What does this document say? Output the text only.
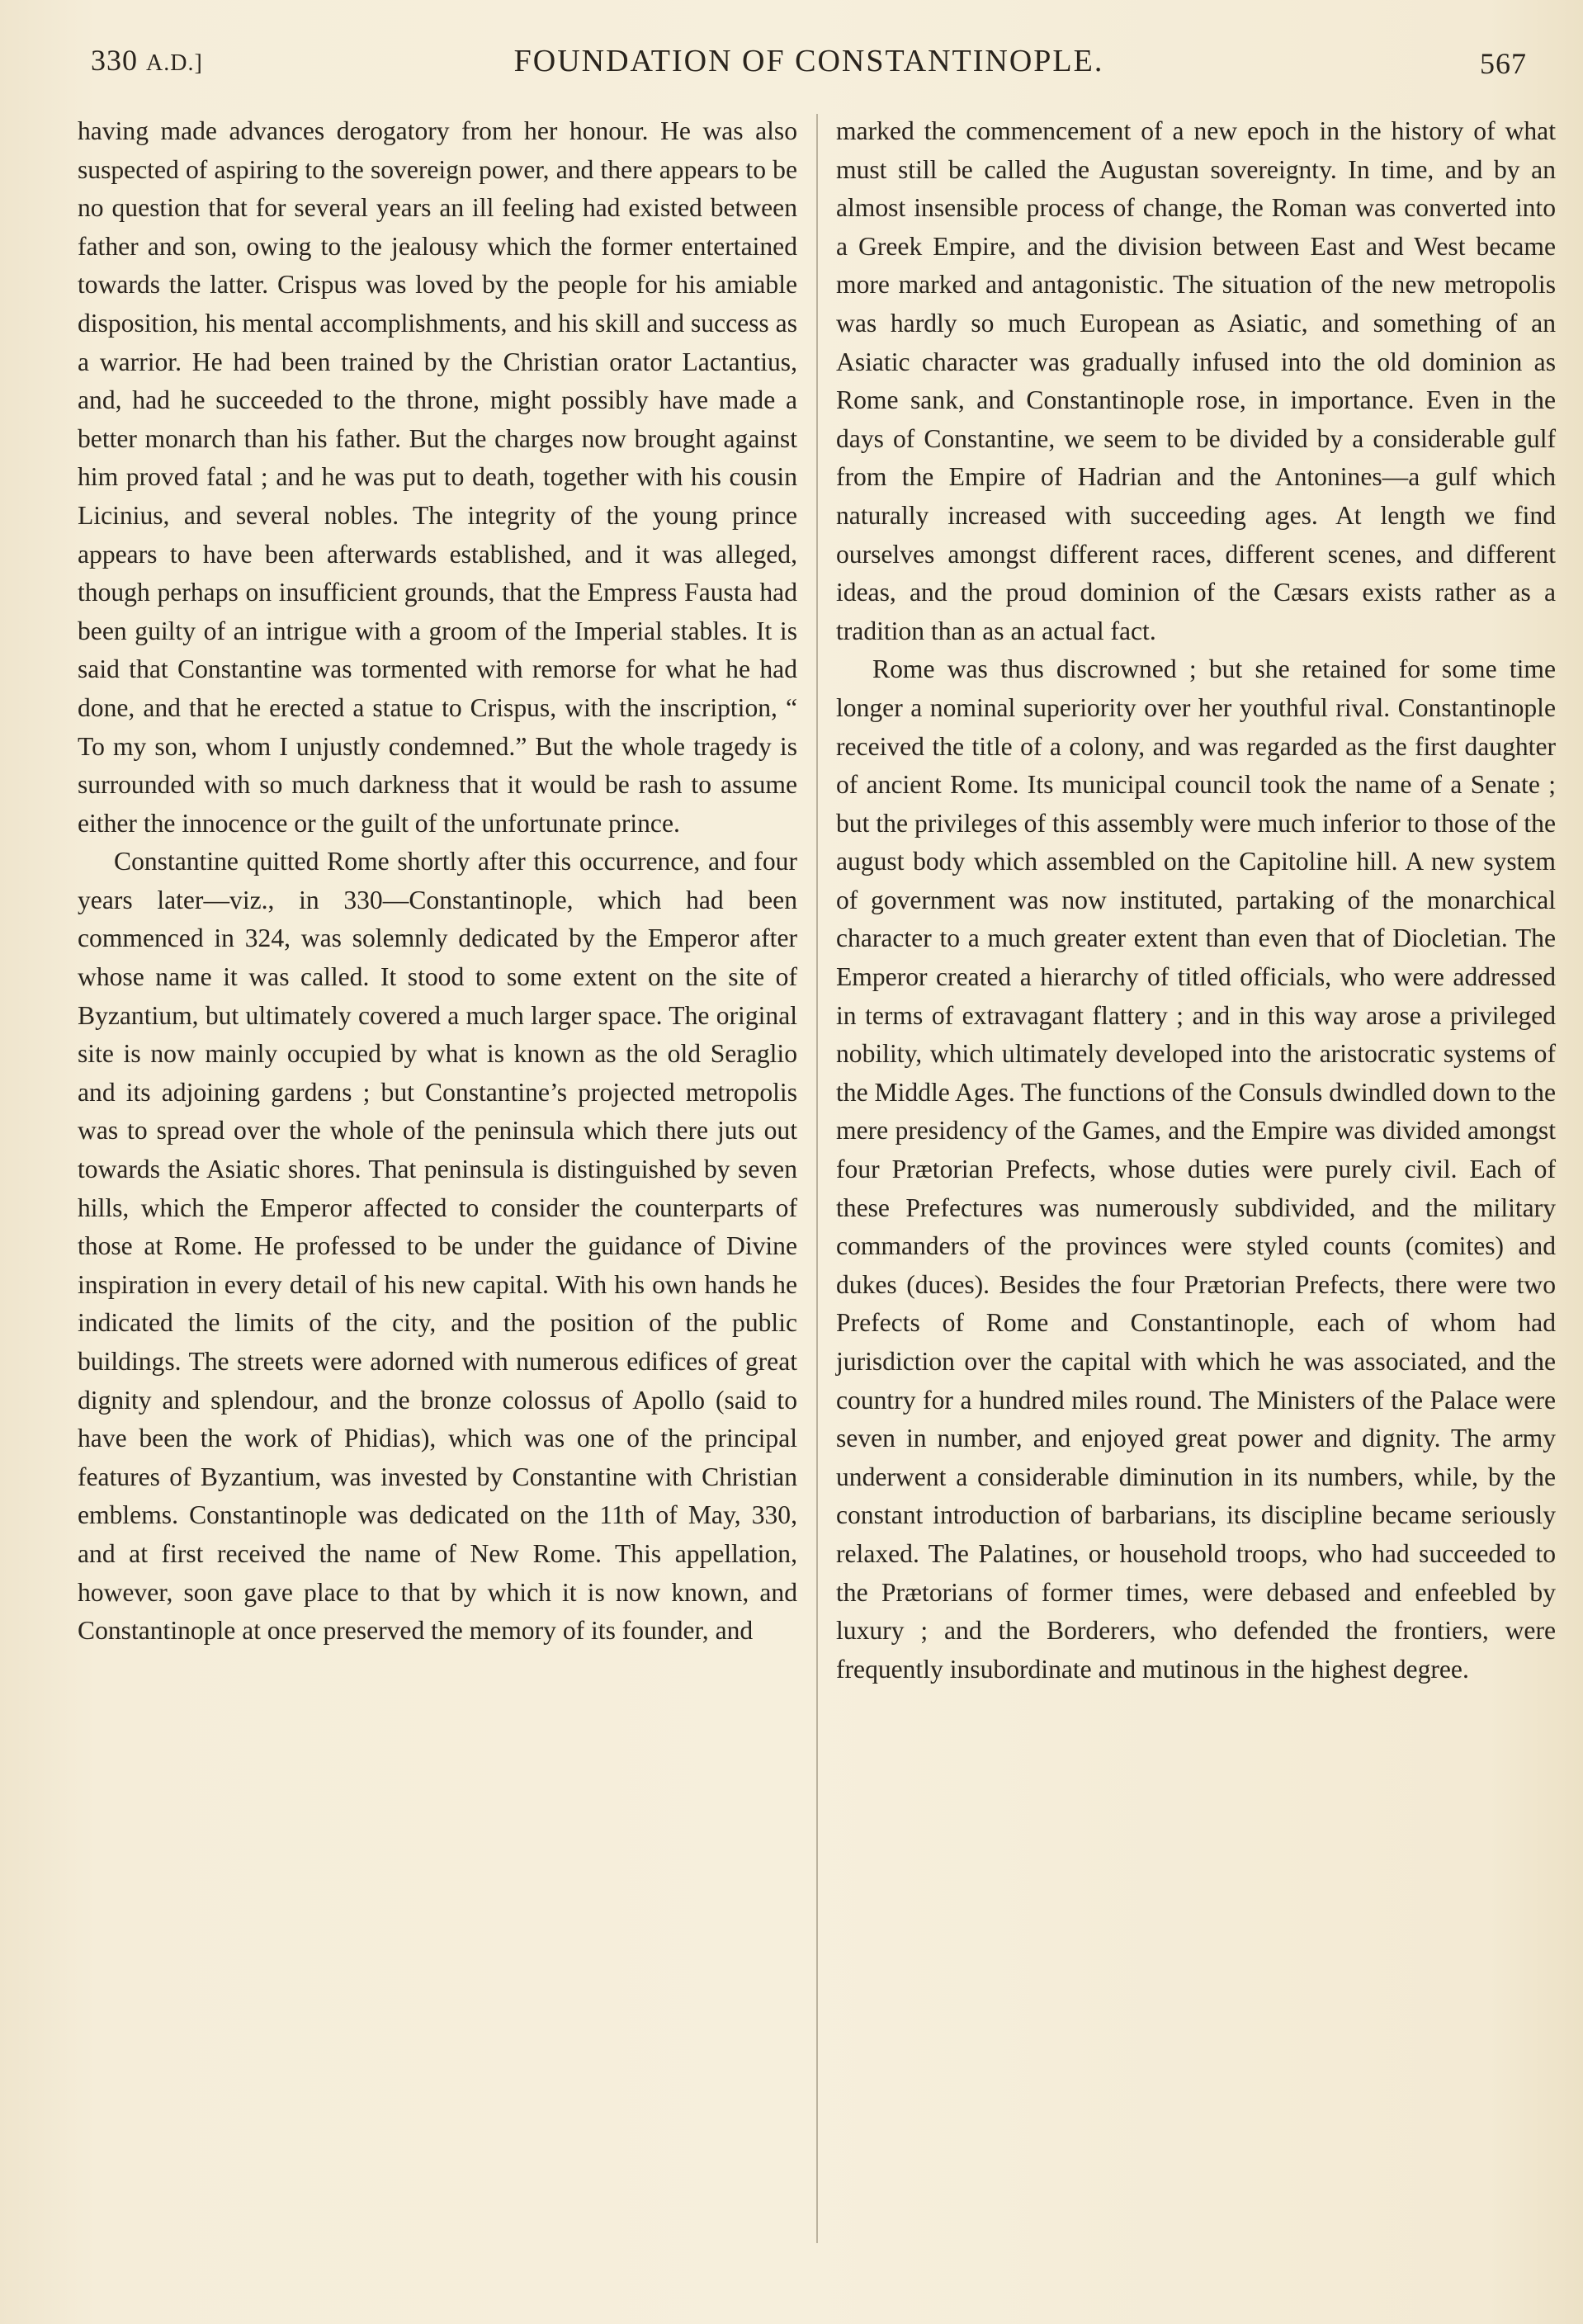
330 A.D.]	FOUNDATION OF CONSTANTINOPLE.	567

having made advances derogatory from her honour. He was also suspected of aspiring to the sovereign power, and there appears to be no question that for several years an ill feeling had existed between father and son, owing to the jealousy which the former entertained towards the latter. Crispus was loved by the people for his amiable disposition, his mental accomplishments, and his skill and success as a warrior. He had been trained by the Christian orator Lactantius, and, had he succeeded to the throne, might possibly have made a better monarch than his father. But the charges now brought against him proved fatal ; and he was put to death, together with his cousin Licinius, and several nobles. The integrity of the young prince appears to have been afterwards established, and it was alleged, though perhaps on insufficient grounds, that the Empress Fausta had been guilty of an intrigue with a groom of the Imperial stables. It is said that Constantine was tormented with remorse for what he had done, and that he erected a statue to Crispus, with the inscription, “ To my son, whom I unjustly condemned.” But the whole tragedy is surrounded with so much darkness that it would be rash to assume either the innocence or the guilt of the unfortunate prince.

Constantine quitted Rome shortly after this occurrence, and four years later—viz., in 330—Constantinople, which had been commenced in 324, was solemnly dedicated by the Emperor after whose name it was called. It stood to some extent on the site of Byzantium, but ultimately covered a much larger space. The original site is now mainly occupied by what is known as the old Seraglio and its adjoining gardens ; but Constantine’s projected metropolis was to spread over the whole of the peninsula which there juts out towards the Asiatic shores. That peninsula is distinguished by seven hills, which the Emperor affected to consider the counterparts of those at Rome. He professed to be under the guidance of Divine inspiration in every detail of his new capital. With his own hands he indicated the limits of the city, and the position of the public buildings. The streets were adorned with numerous edifices of great dignity and splendour, and the bronze colossus of Apollo (said to have been the work of Phidias), which was one of the principal features of Byzantium, was invested by Constantine with Christian emblems. Constantinople was dedicated on the 11th of May, 330, and at first received the name of New Rome. This appellation, however, soon gave place to that by which it is now known, and Constantinople at once preserved the memory of its founder, and

marked the commencement of a new epoch in the history of what must still be called the Augustan sovereignty. In time, and by an almost insensible process of change, the Roman was converted into a Greek Empire, and the division between East and West became more marked and antagonistic. The situation of the new metropolis was hardly so much European as Asiatic, and something of an Asiatic character was gradually infused into the old dominion as Rome sank, and Constantinople rose, in importance. Even in the days of Constantine, we seem to be divided by a considerable gulf from the Empire of Hadrian and the Antonines—a gulf which naturally increased with succeeding ages. At length we find ourselves amongst different races, different scenes, and different ideas, and the proud dominion of the Cæsars exists rather as a tradition than as an actual fact.

Rome was thus discrowned ; but she retained for some time longer a nominal superiority over her youthful rival. Constantinople received the title of a colony, and was regarded as the first daughter of ancient Rome. Its municipal council took the name of a Senate ; but the privileges of this assembly were much inferior to those of the august body which assembled on the Capitoline hill. A new system of government was now instituted, partaking of the monarchical character to a much greater extent than even that of Diocletian. The Emperor created a hierarchy of titled officials, who were addressed in terms of extravagant flattery ; and in this way arose a privileged nobility, which ultimately developed into the aristocratic systems of the Middle Ages. The functions of the Consuls dwindled down to the mere presidency of the Games, and the Empire was divided amongst four Prætorian Prefects, whose duties were purely civil. Each of these Prefectures was numerously subdivided, and the military commanders of the provinces were styled counts (comites) and dukes (duces). Besides the four Prætorian Prefects, there were two Prefects of Rome and Constantinople, each of whom had jurisdiction over the capital with which he was associated, and the country for a hundred miles round. The Ministers of the Palace were seven in number, and enjoyed great power and dignity. The army underwent a considerable diminution in its numbers, while, by the constant introduction of barbarians, its discipline became seriously relaxed. The Palatines, or household troops, who had succeeded to the Prætorians of former times, were debased and enfeebled by luxury ; and the Borderers, who defended the frontiers, were frequently insubordinate and mutinous in the highest degree.
